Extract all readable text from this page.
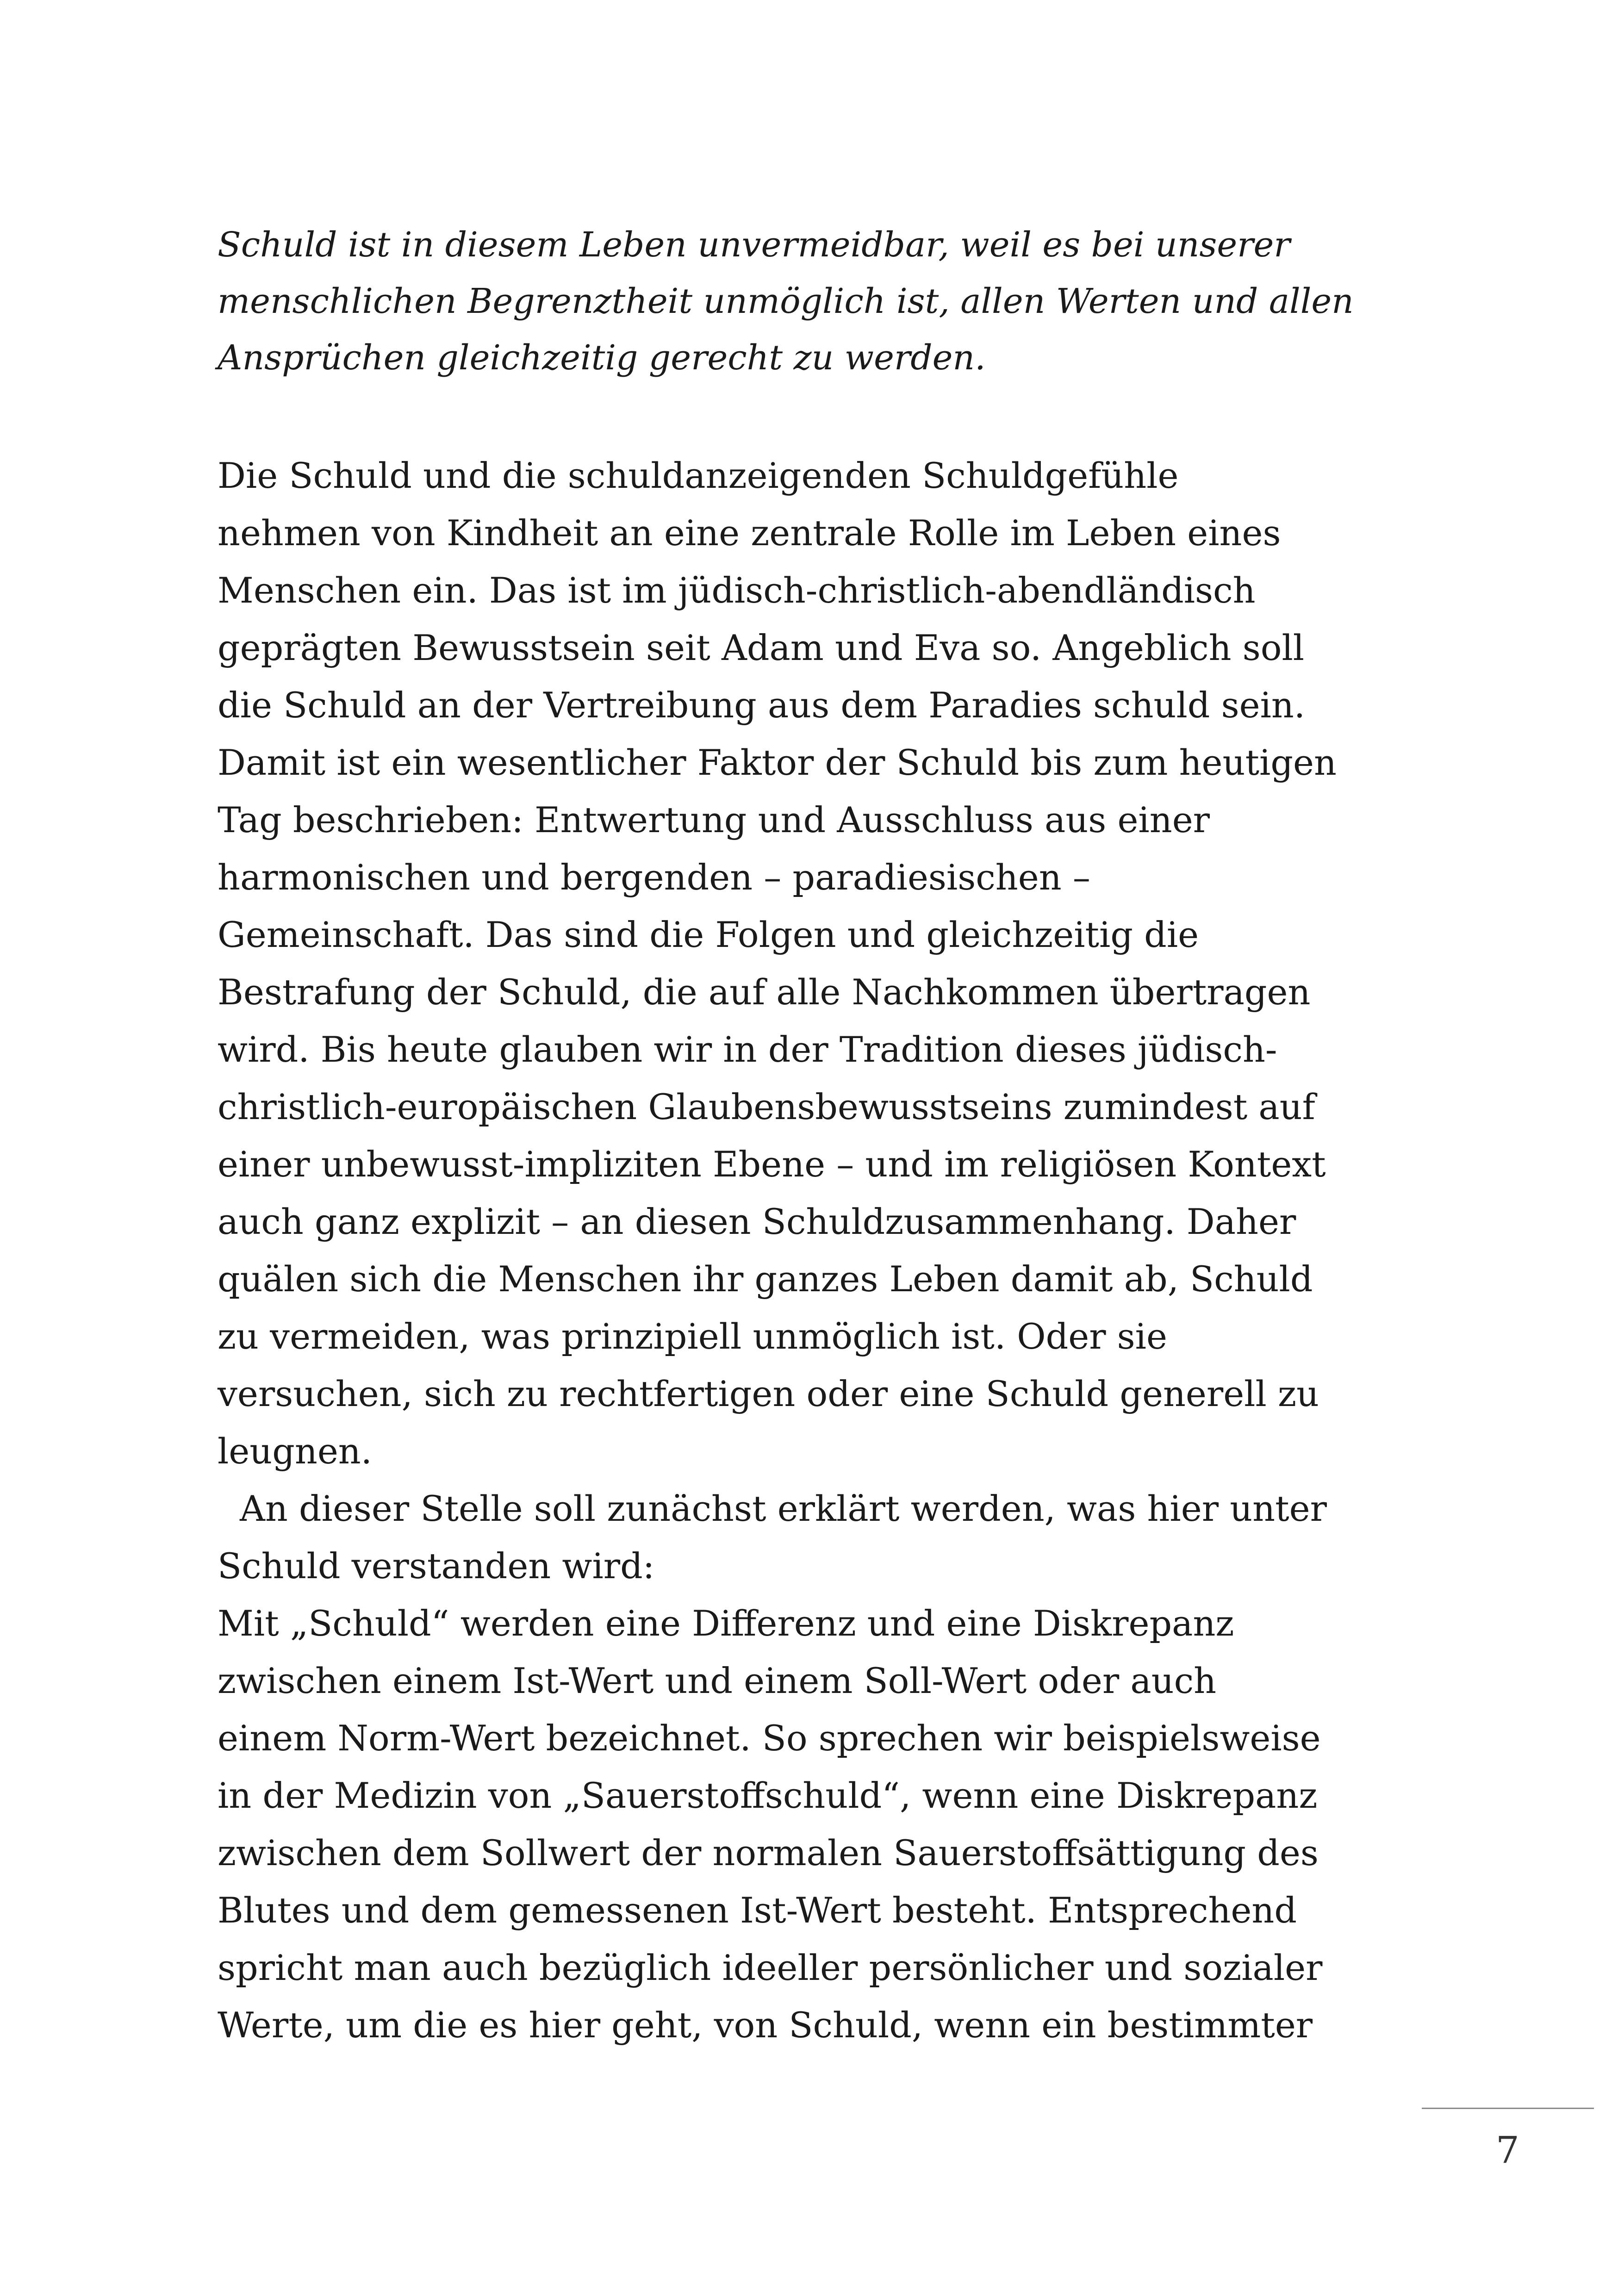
Schuld ist in diesem Leben unvermeidbar, weil es bei unserer
menschlichen Begrenztheit unmöglich ist, allen Werten und allen
Ansprüchen gleichzeitig gerecht zu werden.
Die Schuld und die schuldanzeigenden Schuldgefühle
nehmen von Kindheit an eine zentrale Rolle im Leben eines
Menschen ein. Das ist im jüdisch-christlich-abendländisch
geprägten Bewusstsein seit Adam und Eva so. Angeblich soll
die Schuld an der Vertreibung aus dem Paradies schuld sein.
Damit ist ein wesentlicher Faktor der Schuld bis zum heutigen
Tag beschrieben: Entwertung und Ausschluss aus einer
harmonischen und bergenden – paradiesischen –
Gemeinschaft. Das sind die Folgen und gleichzeitig die
Bestrafung der Schuld, die auf alle Nachkommen übertragen
wird. Bis heute glauben wir in der Tradition dieses jüdisch-
christlich-europäischen Glaubensbewusstseins zumindest auf
einer unbewusst-impliziten Ebene – und im religiösen Kontext
auch ganz explizit – an diesen Schuldzusammenhang. Daher
quälen sich die Menschen ihr ganzes Leben damit ab, Schuld
zu vermeiden, was prinzipiell unmöglich ist. Oder sie
versuchen, sich zu rechtfertigen oder eine Schuld generell zu
leugnen.
An dieser Stelle soll zunächst erklärt werden, was hier unter
Schuld verstanden wird:
Mit „Schuld“ werden eine Differenz und eine Diskrepanz
zwischen einem Ist-Wert und einem Soll-Wert oder auch
einem Norm-Wert bezeichnet. So sprechen wir beispielsweise
in der Medizin von „Sauerstoffschuld“, wenn eine Diskrepanz
zwischen dem Sollwert der normalen Sauerstoffsättigung des
Blutes und dem gemessenen Ist-Wert besteht. Entsprechend
spricht man auch bezüglich ideeller persönlicher und sozialer
Werte, um die es hier geht, von Schuld, wenn ein bestimmter
7
